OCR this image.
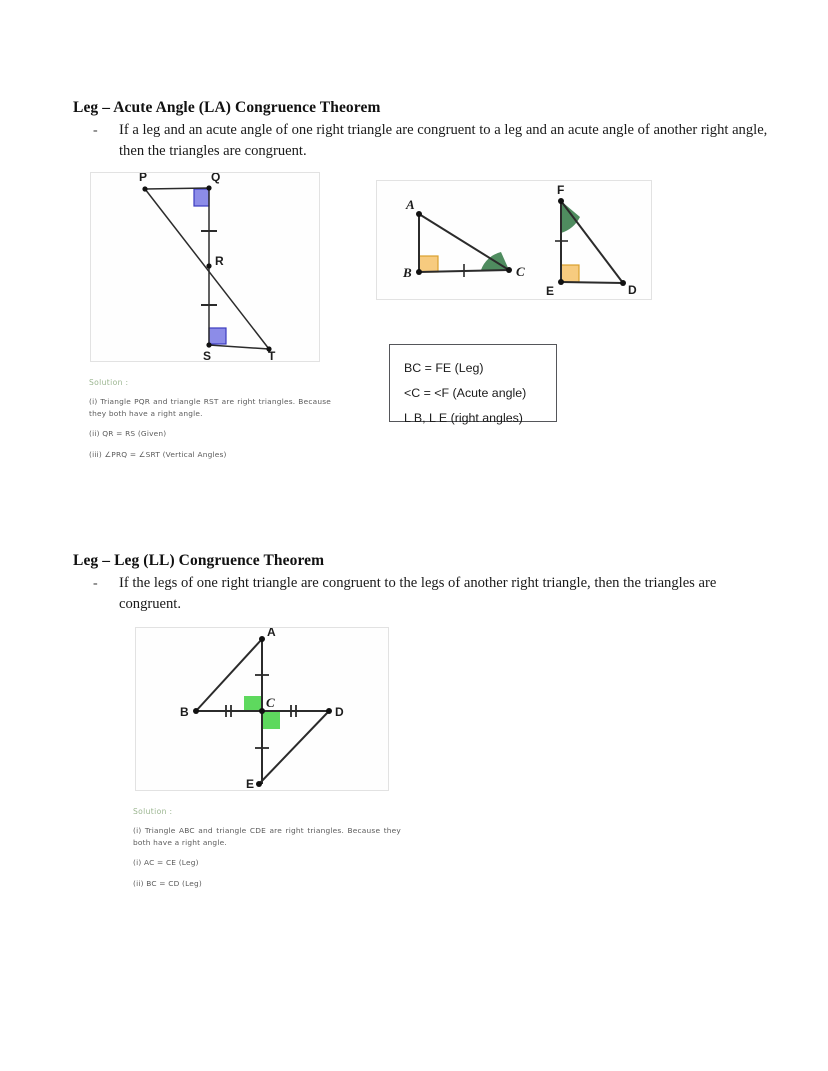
Leg – Acute Angle (LA) Congruence Theorem
-	If a leg and an acute angle of one right triangle are congruent to a leg and an acute angle of another right angle, then the triangles are congruent.
P	Q
R
S	T
Solution :
(i) Triangle PQR and triangle RST are right triangles. Because they both have a right angle.
(ii) QR = RS (Given)
(iii) ∠PRQ = ∠SRT (Vertical Angles)
A
B	C
F
E	D
BC = FE (Leg)
<C = <F (Acute angle)
L B, L E (right angles)
Leg – Leg (LL) Congruence Theorem
-	If the legs of one right triangle are congruent to the legs of another right triangle, then the triangles are congruent.
A
B
C
D
E
Solution :
(i) Triangle ABC and triangle CDE are right triangles. Because they both have a right angle.
(i) AC = CE (Leg)
(ii) BC = CD (Leg)
